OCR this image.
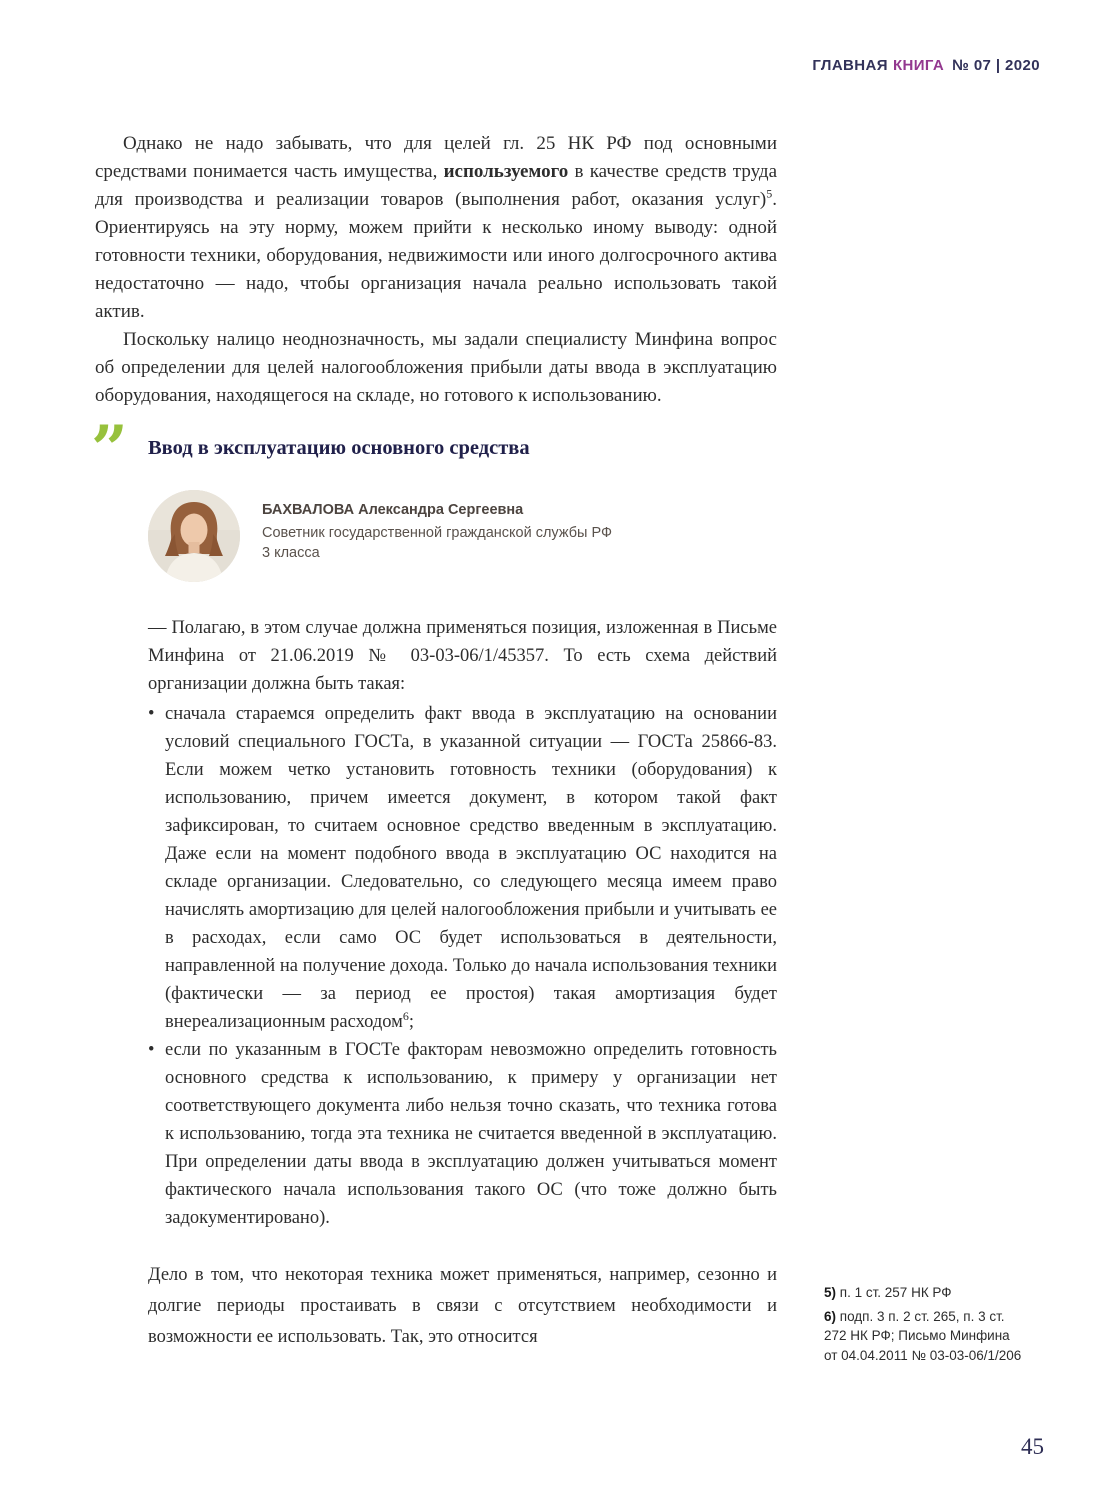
ГЛАВНАЯ КНИГА № 07 | 2020

Однако не надо забывать, что для целей гл. 25 НК РФ под основными средствами понимается часть имущества, используемого в качестве средств труда для производства и реализации товаров (выполнения работ, оказания услуг)$^5$. Ориентируясь на эту норму, можем прийти к несколько иному выводу: одной готовности техники, оборудования, недвижимости или иного долгосрочного актива недостаточно — надо, чтобы организация начала реально использовать такой актив.

Поскольку налицо неоднозначность, мы задали специалисту Минфина вопрос об определении для целей налогообложения прибыли даты ввода в эксплуатацию оборудования, находящегося на складе, но готового к использованию.

” Ввод в эксплуатацию основного средства
БАХВАЛОВА Александра Сергеевна
Советник государственной гражданской службы РФ
3 класса

— Полагаю, в этом случае должна применяться позиция, изложенная в Письме Минфина от 21.06.2019 № 03-03-06/1/45357. То есть схема действий организации должна быть такая:

• сначала стараемся определить факт ввода в эксплуатацию на основании условий специального ГОСТа, в указанной ситуации — ГОСТа 25866-83. Если можем четко установить готовность техники (оборудования) к использованию, причем имеется документ, в котором такой факт зафиксирован, то считаем основное средство введенным в эксплуатацию. Даже если на момент подобного ввода в эксплуатацию ОС находится на складе организации. Следовательно, со следующего месяца имеем право начислять амортизацию для целей налогообложения прибыли и учитывать ее в расходах, если само ОС будет использоваться в деятельности, направленной на получение дохода. Только до начала использования техники (фактически — за период ее простоя) такая амортизация будет внереализационным расходом$^6$;
• если по указанным в ГОСТе факторам невозможно определить готовность основного средства к использованию, к примеру у организации нет соответствующего документа либо нельзя точно сказать, что техника готова к использованию, тогда эта техника не считается введенной в эксплуатацию. При определении даты ввода в эксплуатацию должен учитываться момент фактического начала использования такого ОС (что тоже должно быть задокументировано).

Дело в том, что некоторая техника может применяться, например, сезонно и долгие периоды простаивать в связи с отсутствием необходимости и возможности ее использовать. Так, это относится

5) п. 1 ст. 257 НК РФ

6) подп. 3 п. 2 ст. 265, п. 3 ст. 272 НК РФ; Письмо Минфина от 04.04.2011 № 03-03-06/1/206

45
